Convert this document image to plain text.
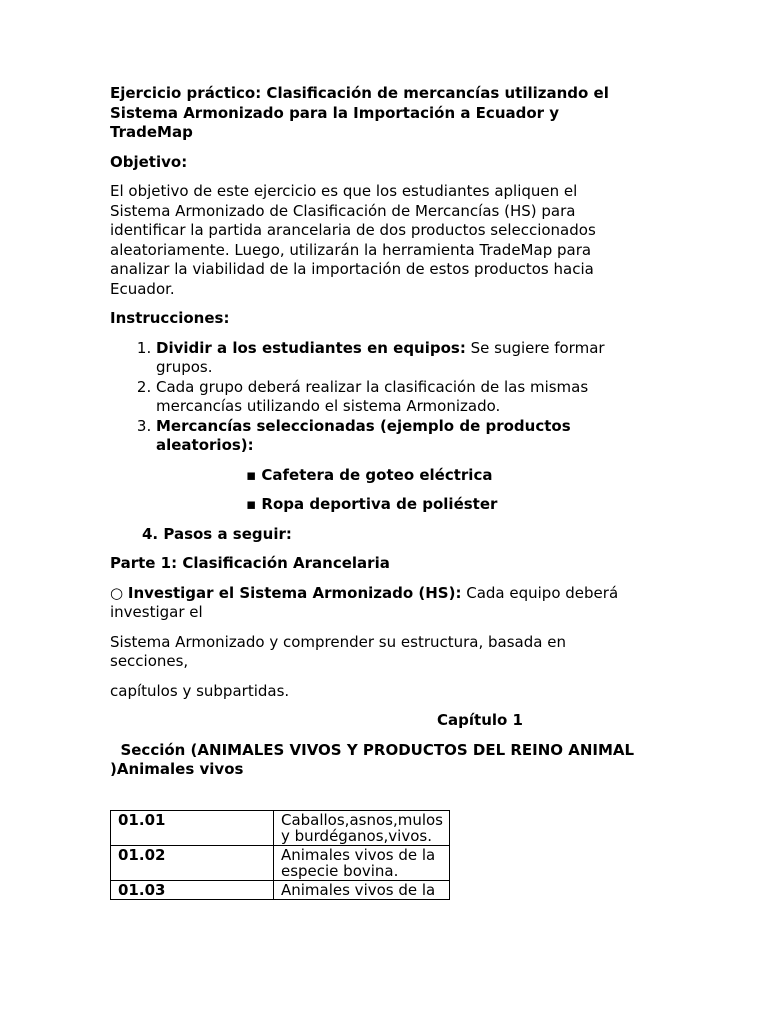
Ejercicio práctico: Clasificación de mercancías utilizando el Sistema Armonizado para la Importación a Ecuador y TradeMap

Objetivo:

El objetivo de este ejercicio es que los estudiantes apliquen el Sistema Armonizado de Clasificación de Mercancías (HS) para identificar la partida arancelaria de dos productos seleccionados aleatoriamente. Luego, utilizarán la herramienta TradeMap para analizar la viabilidad de la importación de estos productos hacia Ecuador.

Instrucciones:

1. Dividir a los estudiantes en equipos: Se sugiere formar grupos.
2. Cada grupo deberá realizar la clasificación de las mismas mercancías utilizando el sistema Armonizado.
3. Mercancías seleccionadas (ejemplo de productos aleatorios):

▪ Cafetera de goteo eléctrica

▪ Ropa deportiva de poliéster

4. Pasos a seguir:

Parte 1: Clasificación Arancelaria

○ Investigar el Sistema Armonizado (HS): Cada equipo deberá investigar el

Sistema Armonizado y comprender su estructura, basada en secciones,

capítulos y subpartidas.

Capítulo 1

Sección (ANIMALES VIVOS Y PRODUCTOS DEL REINO ANIMAL )Animales vivos

01.01	Caballos,asnos,mulos y burdéganos,vivos.
01.02	Animales vivos de la especie bovina.
01.03	Animales vivos de la
